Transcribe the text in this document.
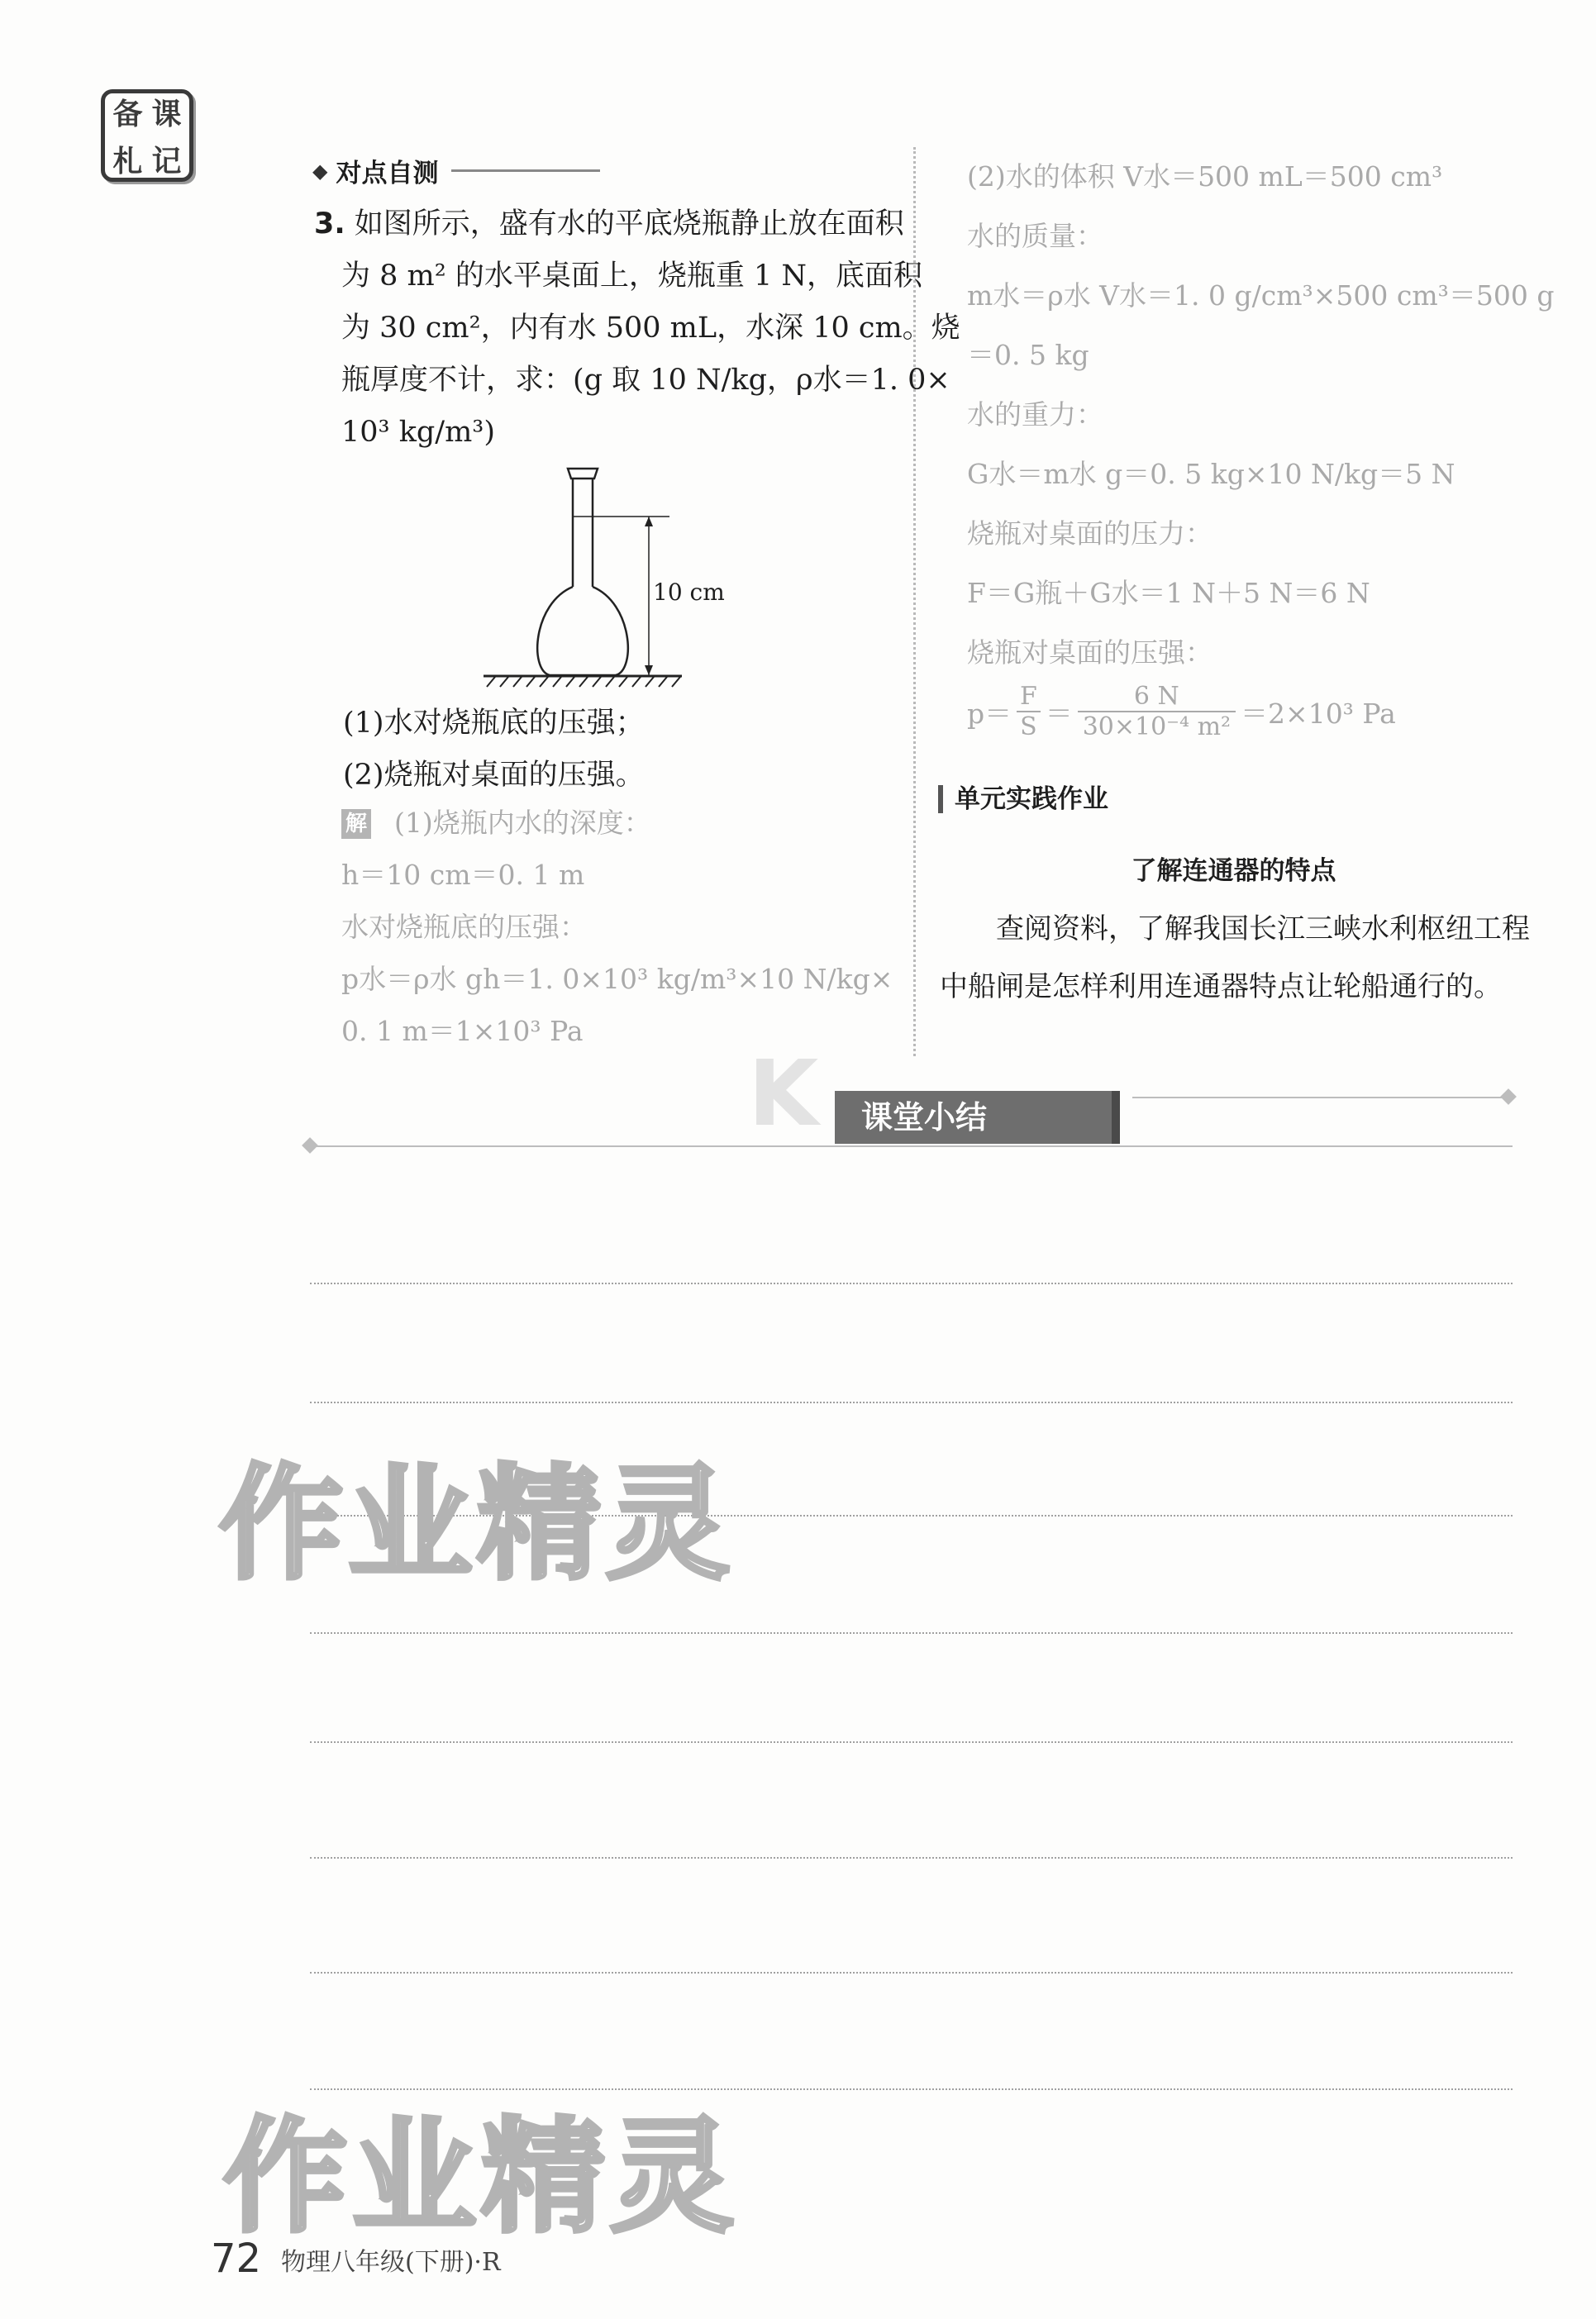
备 课
札 记	◆ 对点自测
3. 如图所示，盛有水的平底烧瓶静止放在面积
为 8 m² 的水平桌面上，烧瓶重 1 N，底面积
为 30 cm²，内有水 500 mL，水深 10 cm。烧
瓶厚度不计，求：(g 取 10 N/kg，ρ水＝1. 0×
10³ kg/m³)
10 cm
(1)水对烧瓶底的压强；
(2)烧瓶对桌面的压强。
解 (1)烧瓶内水的深度：
h＝10 cm＝0. 1 m
水对烧瓶底的压强：
p水＝ρ水 gh＝1. 0×10³ kg/m³×10 N/kg×
0. 1 m＝1×10³ Pa
(2)水的体积 V水＝500 mL＝500 cm³
水的质量：
m水＝ρ水 V水＝1. 0 g/cm³×500 cm³＝500 g
＝0. 5 kg
水的重力：
G水＝m水 g＝0. 5 kg×10 N/kg＝5 N
烧瓶对桌面的压力：
F＝G瓶＋G水＝1 N＋5 N＝6 N
烧瓶对桌面的压强：
p＝
F
S ＝
6 N
30×10⁻⁴ m² ＝2×10³ Pa
单元实践作业
了解连通器的特点
查阅资料，了解我国长江三峡水利枢纽工程
中船闸是怎样利用连通器特点让轮船通行的。
K	课堂小结
作业精灵
作业精灵
72 物理八年级(下册)·R
